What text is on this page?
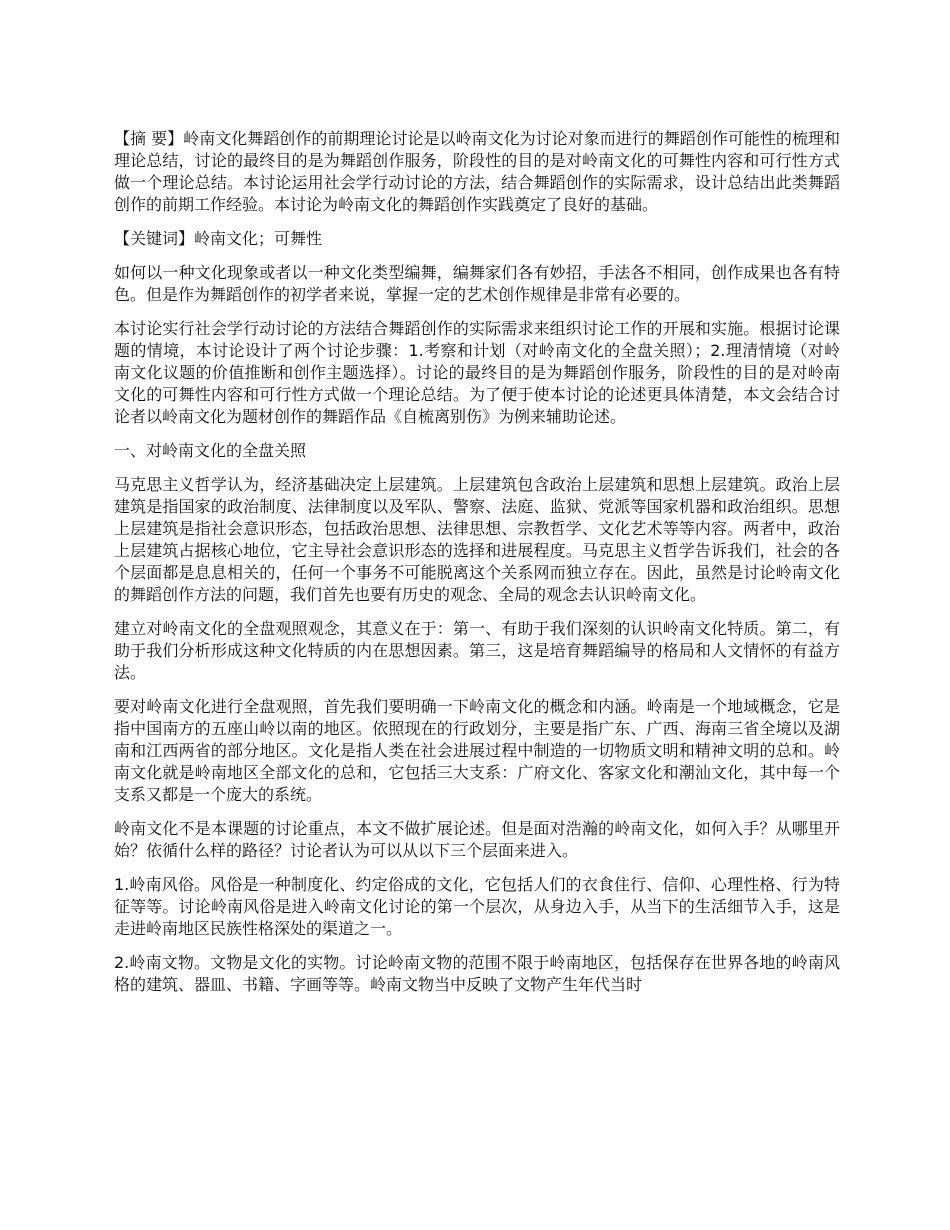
【摘 要】岭南文化舞蹈创作的前期理论讨论是以岭南文化为讨论对象而进行的舞蹈创作可能性的梳理和理论总结，讨论的最终目的是为舞蹈创作服务，阶段性的目的是对岭南文化的可舞性内容和可行性方式做一个理论总结。本讨论运用社会学行动讨论的方法，结合舞蹈创作的实际需求，设计总结出此类舞蹈创作的前期工作经验。本讨论为岭南文化的舞蹈创作实践奠定了良好的基础。

【关键词】岭南文化；可舞性

如何以一种文化现象或者以一种文化类型编舞，编舞家们各有妙招，手法各不相同，创作成果也各有特色。但是作为舞蹈创作的初学者来说，掌握一定的艺术创作规律是非常有必要的。

本讨论实行社会学行动讨论的方法结合舞蹈创作的实际需求来组织讨论工作的开展和实施。根据讨论课题的情境，本讨论设计了两个讨论步骤：1.考察和计划（对岭南文化的全盘关照）；2.理清情境（对岭南文化议题的价值推断和创作主题选择）。讨论的最终目的是为舞蹈创作服务，阶段性的目的是对岭南文化的可舞性内容和可行性方式做一个理论总结。为了便于使本讨论的论述更具体清楚，本文会结合讨论者以岭南文化为题材创作的舞蹈作品《自梳离别伤》为例来辅助论述。

一、对岭南文化的全盘关照

马克思主义哲学认为，经济基础决定上层建筑。上层建筑包含政治上层建筑和思想上层建筑。政治上层建筑是指国家的政治制度、法律制度以及军队、警察、法庭、监狱、党派等国家机器和政治组织。思想上层建筑是指社会意识形态，包括政治思想、法律思想、宗教哲学、文化艺术等等内容。两者中，政治上层建筑占据核心地位，它主导社会意识形态的选择和进展程度。马克思主义哲学告诉我们，社会的各个层面都是息息相关的，任何一个事务不可能脱离这个关系网而独立存在。因此，虽然是讨论岭南文化的舞蹈创作方法的问题，我们首先也要有历史的观念、全局的观念去认识岭南文化。

建立对岭南文化的全盘观照观念，其意义在于：第一、有助于我们深刻的认识岭南文化特质。第二，有助于我们分析形成这种文化特质的内在思想因素。第三，这是培育舞蹈编导的格局和人文情怀的有益方法。

要对岭南文化进行全盘观照，首先我们要明确一下岭南文化的概念和内涵。岭南是一个地域概念，它是指中国南方的五座山岭以南的地区。依照现在的行政划分，主要是指广东、广西、海南三省全境以及湖南和江西两省的部分地区。文化是指人类在社会进展过程中制造的一切物质文明和精神文明的总和。岭南文化就是岭南地区全部文化的总和，它包括三大支系：广府文化、客家文化和潮汕文化，其中每一个支系又都是一个庞大的系统。

岭南文化不是本课题的讨论重点，本文不做扩展论述。但是面对浩瀚的岭南文化，如何入手？从哪里开始？依循什么样的路径？讨论者认为可以从以下三个层面来进入。

1.岭南风俗。风俗是一种制度化、约定俗成的文化，它包括人们的衣食住行、信仰、心理性格、行为特征等等。讨论岭南风俗是进入岭南文化讨论的第一个层次，从身边入手，从当下的生活细节入手，这是走进岭南地区民族性格深处的渠道之一。

2.岭南文物。文物是文化的实物。讨论岭南文物的范围不限于岭南地区，包括保存在世界各地的岭南风格的建筑、器皿、书籍、字画等等。岭南文物当中反映了文物产生年代当时
